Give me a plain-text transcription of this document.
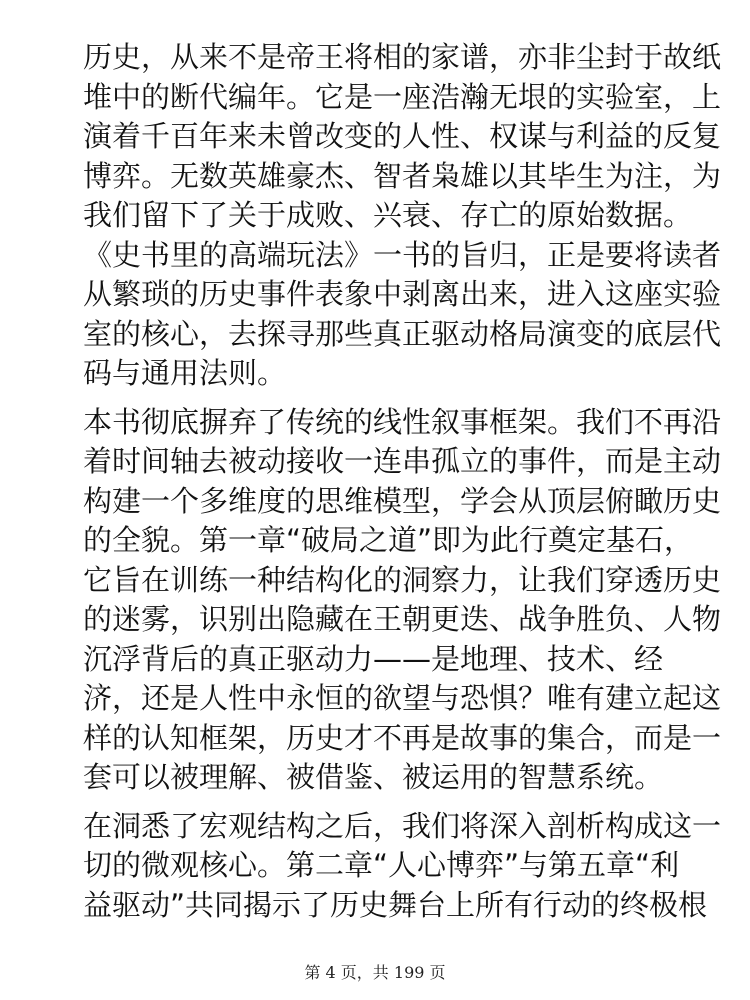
历史，从来不是帝王将相的家谱，亦非尘封于故纸
堆中的断代编年。它是一座浩瀚无垠的实验室，上
演着千百年来未曾改变的人性、权谋与利益的反复
博弈。无数英雄豪杰、智者枭雄以其毕生为注，为
我们留下了关于成败、兴衰、存亡的原始数据。
《史书里的高端玩法》一书的旨归，正是要将读者
从繁琐的历史事件表象中剥离出来，进入这座实验
室的核心，去探寻那些真正驱动格局演变的底层代
码与通用法则。
本书彻底摒弃了传统的线性叙事框架。我们不再沿
着时间轴去被动接收一连串孤立的事件，而是主动
构建一个多维度的思维模型，学会从顶层俯瞰历史
的全貌。第一章“破局之道”即为此行奠定基石，
它旨在训练一种结构化的洞察力，让我们穿透历史
的迷雾，识别出隐藏在王朝更迭、战争胜负、人物
沉浮背后的真正驱动力——是地理、技术、经
济，还是人性中永恒的欲望与恐惧？唯有建立起这
样的认知框架，历史才不再是故事的集合，而是一
套可以被理解、被借鉴、被运用的智慧系统。
在洞悉了宏观结构之后，我们将深入剖析构成这一
切的微观核心。第二章“人心博弈”与第五章“利
益驱动”共同揭示了历史舞台上所有行动的终极根
第 4 页，共 199 页
